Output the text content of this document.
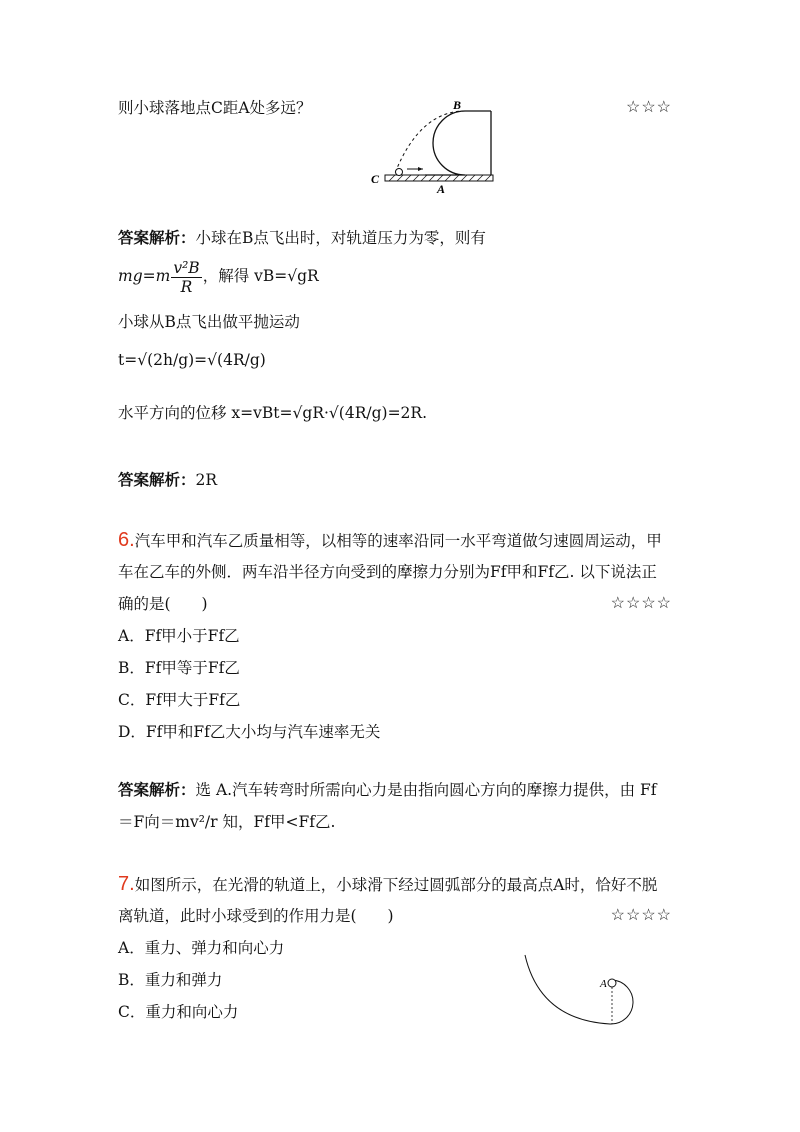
则小球落地点C距A处多远？	☆☆☆
B
C
A
答案解析：小球在B点飞出时，对轨道压力为零，则有
$mg=m \frac{\text{v²B}}{R}$ ，解得 vB=√gR
小球从B点飞出做平抛运动
t=√(2h/g)=√(4R/g)
水平方向的位移 x=vBt=√gR·√(4R/g)=2R.
答案解析：2R
6.汽车甲和汽车乙质量相等，以相等的速率沿同一水平弯道做匀速圆周运动，甲
车在乙车的外侧．两车沿半径方向受到的摩擦力分别为Ff甲和Ff乙. 以下说法正
确的是(　　)	☆☆☆☆
A．Ff甲小于Ff乙
B．Ff甲等于Ff乙
C．Ff甲大于Ff乙
D．Ff甲和Ff乙大小均与汽车速率无关
答案解析：选 A.汽车转弯时所需向心力是由指向圆心方向的摩擦力提供，由 Ff
＝F向＝mv²/r 知，Ff甲<Ff乙.
7.如图所示，在光滑的轨道上，小球滑下经过圆弧部分的最高点A时，恰好不脱
离轨道，此时小球受到的作用力是(　　)	☆☆☆☆
A．重力、弹力和向心力
B．重力和弹力
C．重力和向心力
A
